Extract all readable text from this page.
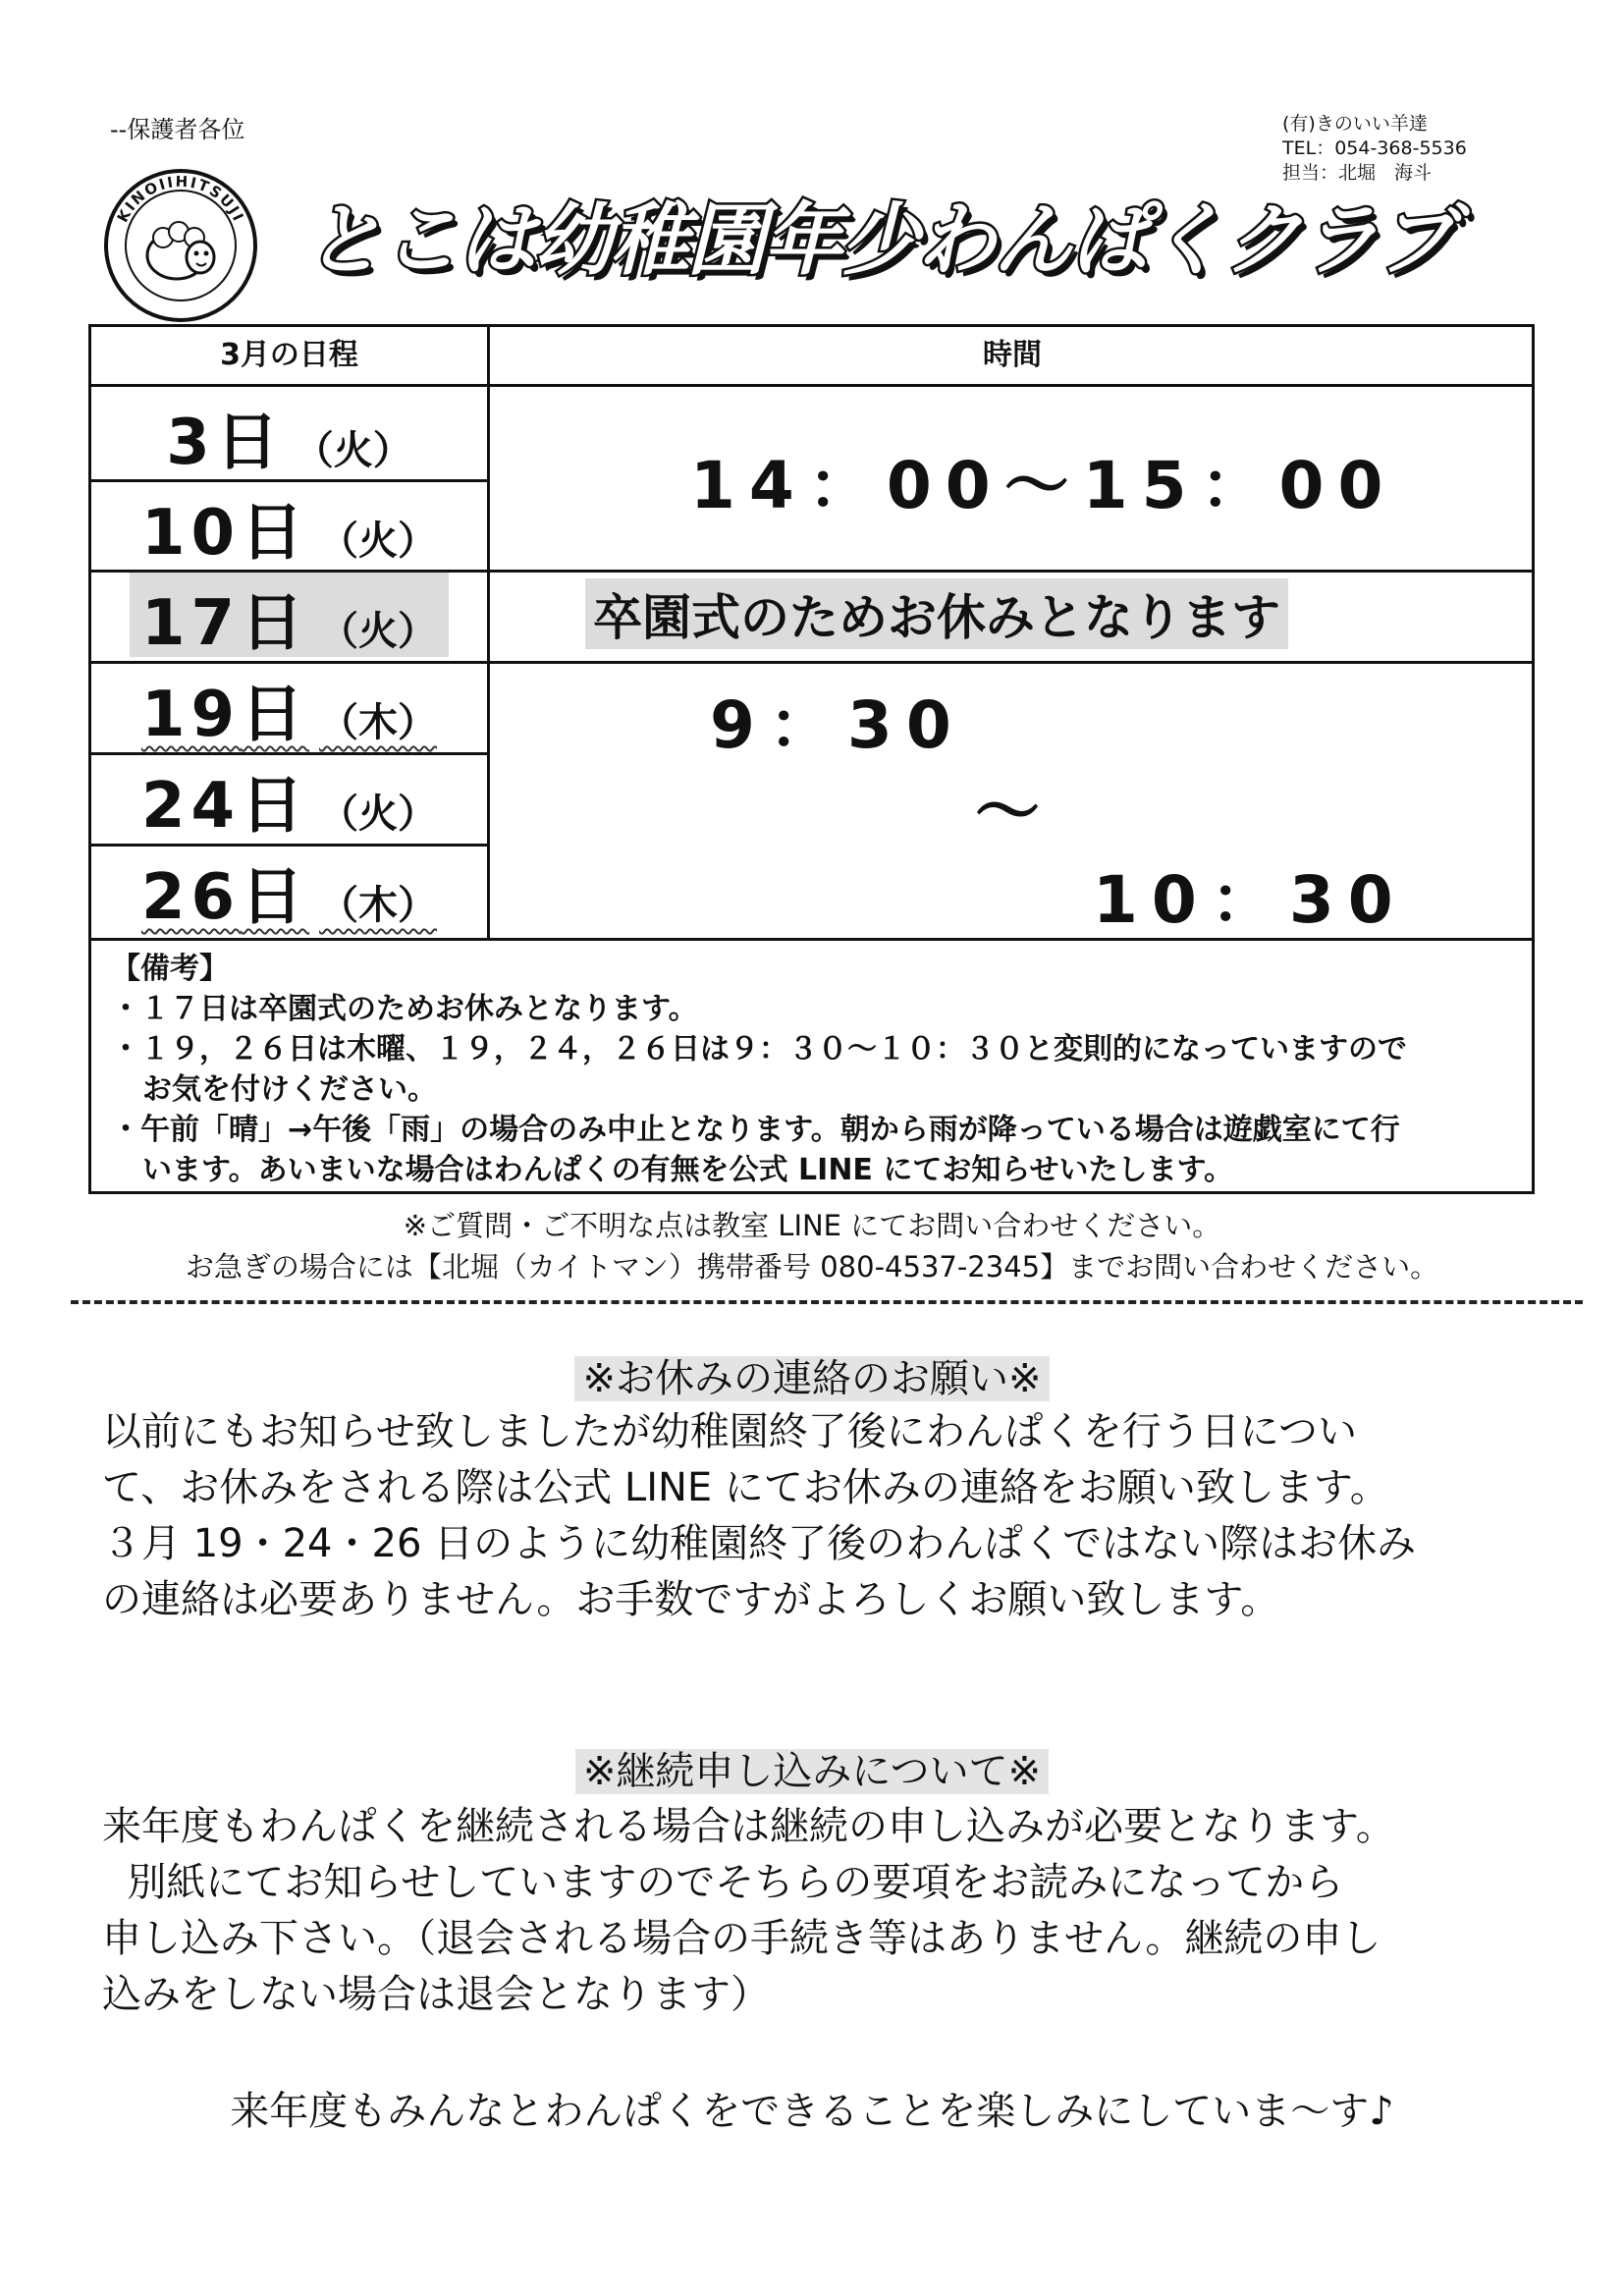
--保護者各位	(有)きのいい羊達
TEL：054-368-5536
担当：北堀　海斗
KINOIIHITSUJI とこは幼稚園年少わんぱくクラブ
3月の日程	時間
3日 （火）
10日 （火）
17日 （火）
19日 （木）
24日 （火）
26日 （木）
14：00～15：00
卒園式のためお休みとなります
9：30
～
10：30

【備考】

・１７日は卒園式のためお休みとなります。

・１９，２６日は木曜、１９，２４，２６日は９：３０～１０：３０と変則的になっていますので

お気を付けください。

・午前「晴」→午後「雨」の場合のみ中止となります。朝から雨が降っている場合は遊戯室にて行

います。あいまいな場合はわんぱくの有無を公式 LINE にてお知らせいたします。

※ご質問・ご不明な点は教室 LINE にてお問い合わせください。
お急ぎの場合には【北堀（カイトマン）携帯番号 080-4537-2345】までお問い合わせください。
※お休みの連絡のお願い※

以前にもお知らせ致しましたが幼稚園終了後にわんぱくを行う日につい

て、お休みをされる際は公式 LINE にてお休みの連絡をお願い致します。

３月 19・24・26 日のように幼稚園終了後のわんぱくではない際はお休み

の連絡は必要ありません。お手数ですがよろしくお願い致します。

※継続申し込みについて※

来年度もわんぱくを継続される場合は継続の申し込みが必要となります。

別紙にてお知らせしていますのでそちらの要項をお読みになってから

申し込み下さい。（退会される場合の手続き等はありません。継続の申し

込みをしない場合は退会となります）

来年度もみんなとわんぱくをできることを楽しみにしていま～す♪
